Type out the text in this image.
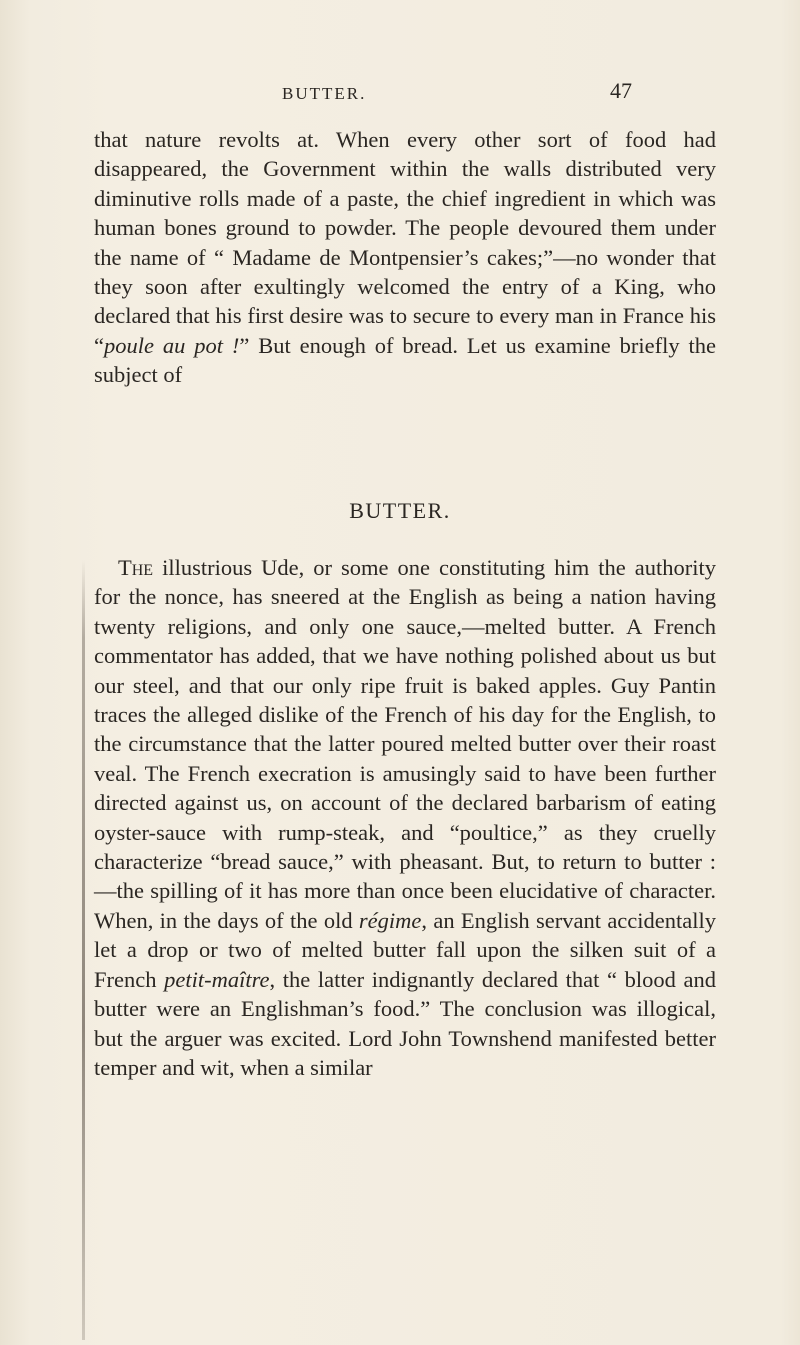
BUTTER.	47

that nature revolts at. When every other sort of food had disappeared, the Government within the walls distributed very diminutive rolls made of a paste, the chief ingredient in which was human bones ground to powder. The people devoured them under the name of “ Madame de Montpensier’s cakes;”—no wonder that they soon after exultingly welcomed the entry of a King, who declared that his first desire was to secure to every man in France his “poule au pot !” But enough of bread. Let us examine briefly the subject of

BUTTER.

The illustrious Ude, or some one constituting him the authority for the nonce, has sneered at the English as being a nation having twenty religions, and only one sauce,—melted butter. A French commentator has added, that we have nothing polished about us but our steel, and that our only ripe fruit is baked apples. Guy Pantin traces the alleged dislike of the French of his day for the English, to the circumstance that the latter poured melted butter over their roast veal. The French execration is amusingly said to have been further directed against us, on account of the declared barbarism of eating oyster-sauce with rump-steak, and “poultice,” as they cruelly characterize “bread sauce,” with pheasant. But, to return to butter :—the spilling of it has more than once been elucidative of character. When, in the days of the old régime, an English servant accidentally let a drop or two of melted butter fall upon the silken suit of a French petit-maître, the latter indignantly declared that “ blood and butter were an Englishman’s food.” The conclusion was illogical, but the arguer was excited. Lord John Townshend manifested better temper and wit, when a similar
